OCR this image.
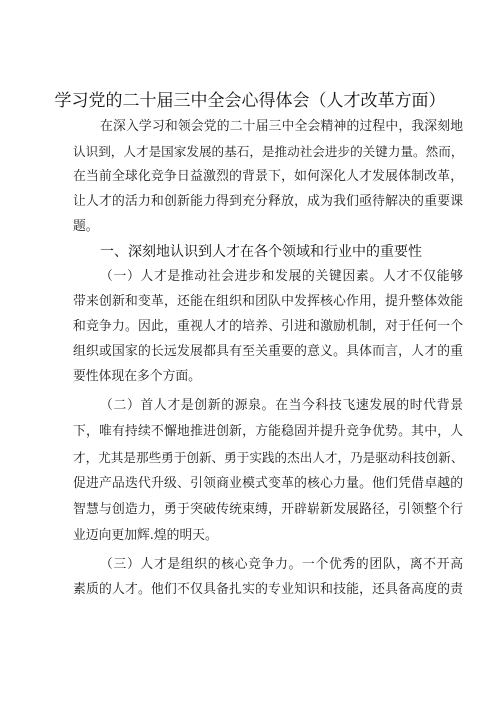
学习党的二十届三中全会心得体会（人才改革方面）
在深入学习和领会党的二十届三中全会精神的过程中，我深刻地
认识到，人才是国家发展的基石，是推动社会进步的关键力量。然而，
在当前全球化竞争日益激烈的背景下，如何深化人才发展体制改革，
让人才的活力和创新能力得到充分释放，成为我们亟待解决的重要课
题。
一、深刻地认识到人才在各个领域和行业中的重要性
（一）人才是推动社会进步和发展的关键因素。人才不仅能够
带来创新和变革，还能在组织和团队中发挥核心作用，提升整体效能
和竞争力。因此，重视人才的培养、引进和激励机制，对于任何一个
组织或国家的长远发展都具有至关重要的意义。具体而言，人才的重
要性体现在多个方面。
（二）首人才是创新的源泉。在当今科技飞速发展的时代背景
下，唯有持续不懈地推进创新，方能稳固并提升竞争优势。其中，人
才，尤其是那些勇于创新、勇于实践的杰出人才，乃是驱动科技创新、
促进产品迭代升级、引领商业模式变革的核心力量。他们凭借卓越的
智慧与创造力，勇于突破传统束缚，开辟崭新发展路径，引领整个行
业迈向更加辉.煌的明天。
（三）人才是组织的核心竞争力。一个优秀的团队，离不开高
素质的人才。他们不仅具备扎实的专业知识和技能，还具备高度的责
